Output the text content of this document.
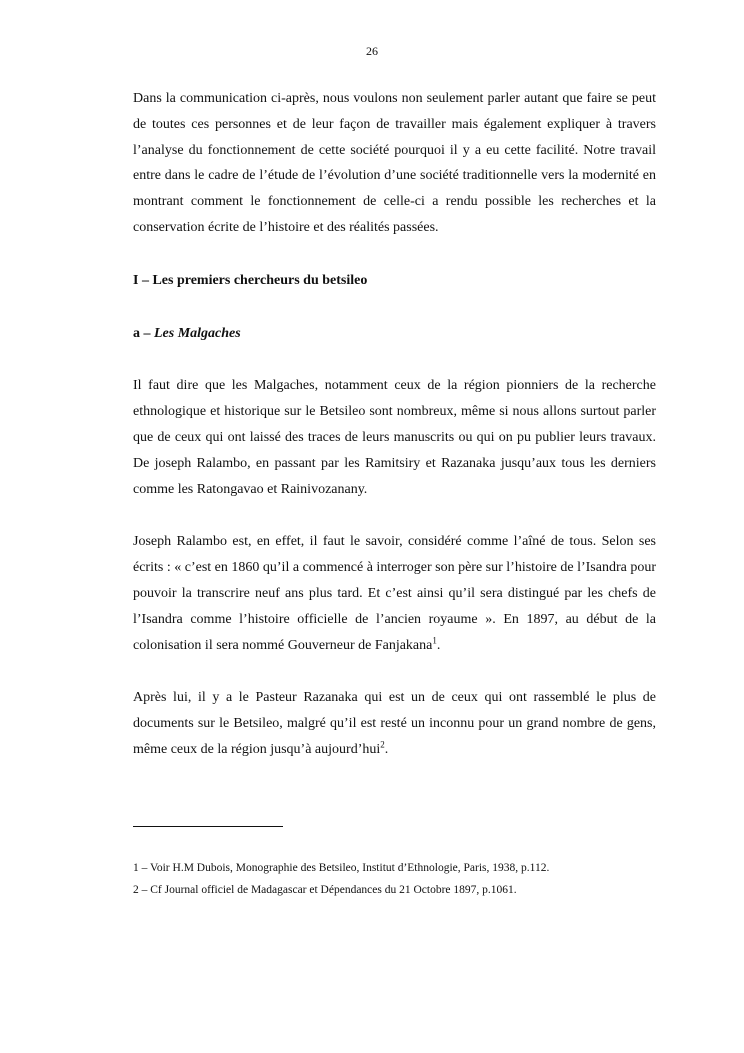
26

Dans la communication ci-après, nous voulons non seulement parler autant que faire se peut de toutes ces personnes et de leur façon de travailler mais également expliquer à travers l’analyse du fonctionnement de cette société pourquoi il y a eu cette facilité. Notre travail entre dans le cadre de l’étude de l’évolution d’une société traditionnelle vers la modernité en montrant comment le fonctionnement de celle-ci a rendu possible les recherches et la conservation écrite de l’histoire et des réalités passées.

I – Les premiers chercheurs du betsileo

a – Les Malgaches

Il faut dire que les Malgaches, notamment ceux de la région pionniers de la recherche ethnologique et historique sur le Betsileo sont nombreux, même si nous allons surtout parler que de ceux qui ont laissé des traces de leurs manuscrits ou qui on pu publier leurs travaux. De joseph Ralambo, en passant par les Ramitsiry et Razanaka jusqu’aux tous les derniers comme les Ratongavao et Rainivozanany.

Joseph Ralambo est, en effet, il faut le savoir, considéré comme l’aîné de tous. Selon ses écrits : « c’est en 1860 qu’il a commencé à interroger son père sur l’histoire de l’Isandra pour pouvoir la transcrire neuf ans plus tard. Et c’est ainsi qu’il sera distingué par les chefs de l’Isandra comme l’histoire officielle de l’ancien royaume ». En 1897, au début de la colonisation il sera nommé Gouverneur de Fanjakana$^1$.

Après lui, il y a le Pasteur Razanaka qui est un de ceux qui ont rassemblé le plus de documents sur le Betsileo, malgré qu’il est resté un inconnu pour un grand nombre de gens, même ceux de la région jusqu’à aujourd’hui$^2$.

1 – Voir H.M Dubois, Monographie des Betsileo, Institut d’Ethnologie, Paris, 1938, p.112.
2 – Cf Journal officiel de Madagascar et Dépendances du 21 Octobre 1897, p.1061.
